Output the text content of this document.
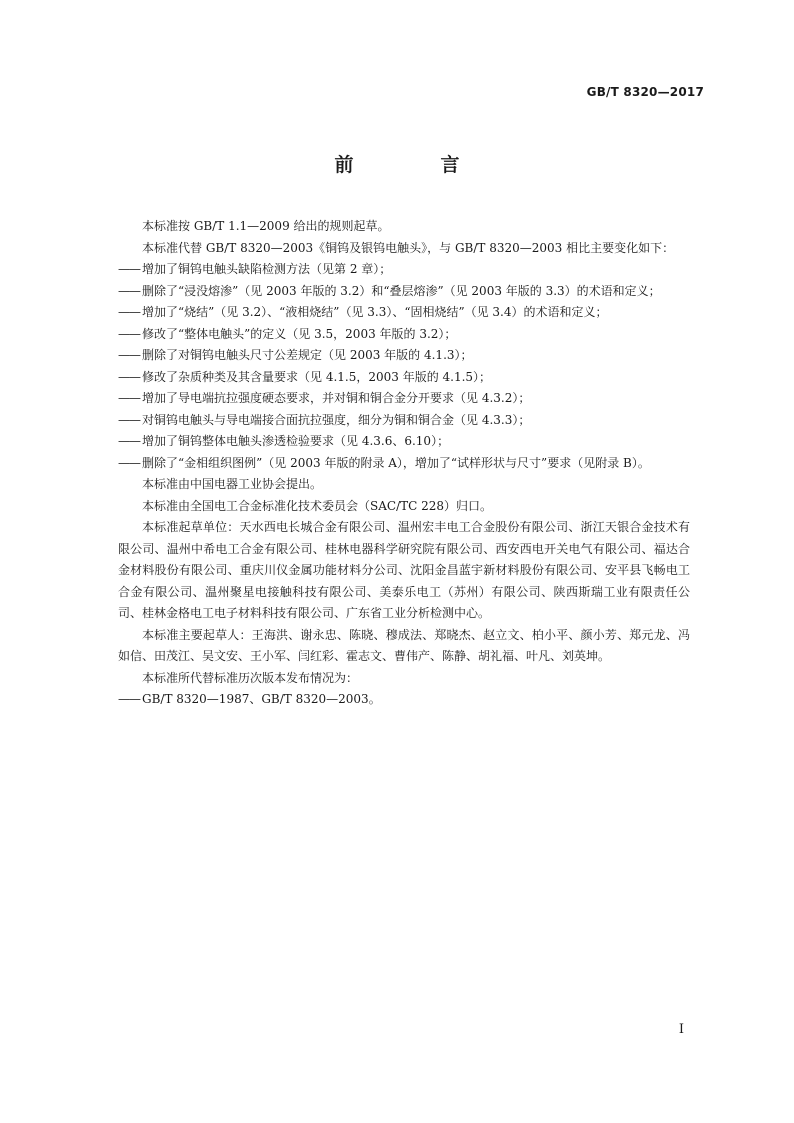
GB/T 8320—2017
前　言

本标准按 GB/T 1.1—2009 给出的规则起草。

本标准代替 GB/T 8320—2003《铜钨及银钨电触头》，与 GB/T 8320—2003 相比主要变化如下：

—— 增加了铜钨电触头缺陷检测方法（见第 2 章）；

—— 删除了“浸没熔渗”（见 2003 年版的 3.2）和“叠层熔渗”（见 2003 年版的 3.3）的术语和定义；

—— 增加了“烧结”（见 3.2）、“液相烧结”（见 3.3）、“固相烧结”（见 3.4）的术语和定义；

—— 修改了“整体电触头”的定义（见 3.5，2003 年版的 3.2）；

—— 删除了对铜钨电触头尺寸公差规定（见 2003 年版的 4.1.3）；

—— 修改了杂质种类及其含量要求（见 4.1.5，2003 年版的 4.1.5）；

—— 增加了导电端抗拉强度硬态要求，并对铜和铜合金分开要求（见 4.3.2）；

—— 对铜钨电触头与导电端接合面抗拉强度，细分为铜和铜合金（见 4.3.3）；

—— 增加了铜钨整体电触头渗透检验要求（见 4.3.6、6.10）；

—— 删除了“金相组织图例”（见 2003 年版的附录 A），增加了“试样形状与尺寸”要求（见附录 B）。

本标准由中国电器工业协会提出。

本标准由全国电工合金标准化技术委员会（SAC/TC 228）归口。

本标准起草单位：天水西电长城合金有限公司、温州宏丰电工合金股份有限公司、浙江天银合金技术有限公司、温州中希电工合金有限公司、桂林电器科学研究院有限公司、西安西电开关电气有限公司、福达合金材料股份有限公司、重庆川仪金属功能材料分公司、沈阳金昌蓝宇新材料股份有限公司、安平县飞畅电工合金有限公司、温州聚星电接触科技有限公司、美泰乐电工（苏州）有限公司、陕西斯瑞工业有限责任公司、桂林金格电工电子材料科技有限公司、广东省工业分析检测中心。

本标准主要起草人：王海洪、谢永忠、陈晓、穆成法、郑晓杰、赵立文、柏小平、颜小芳、郑元龙、冯如信、田茂江、吴文安、王小军、闫红彩、霍志文、曹伟产、陈静、胡礼福、叶凡、刘英坤。

本标准所代替标准历次版本发布情况为：

—— GB/T 8320—1987、GB/T 8320—2003。

I
